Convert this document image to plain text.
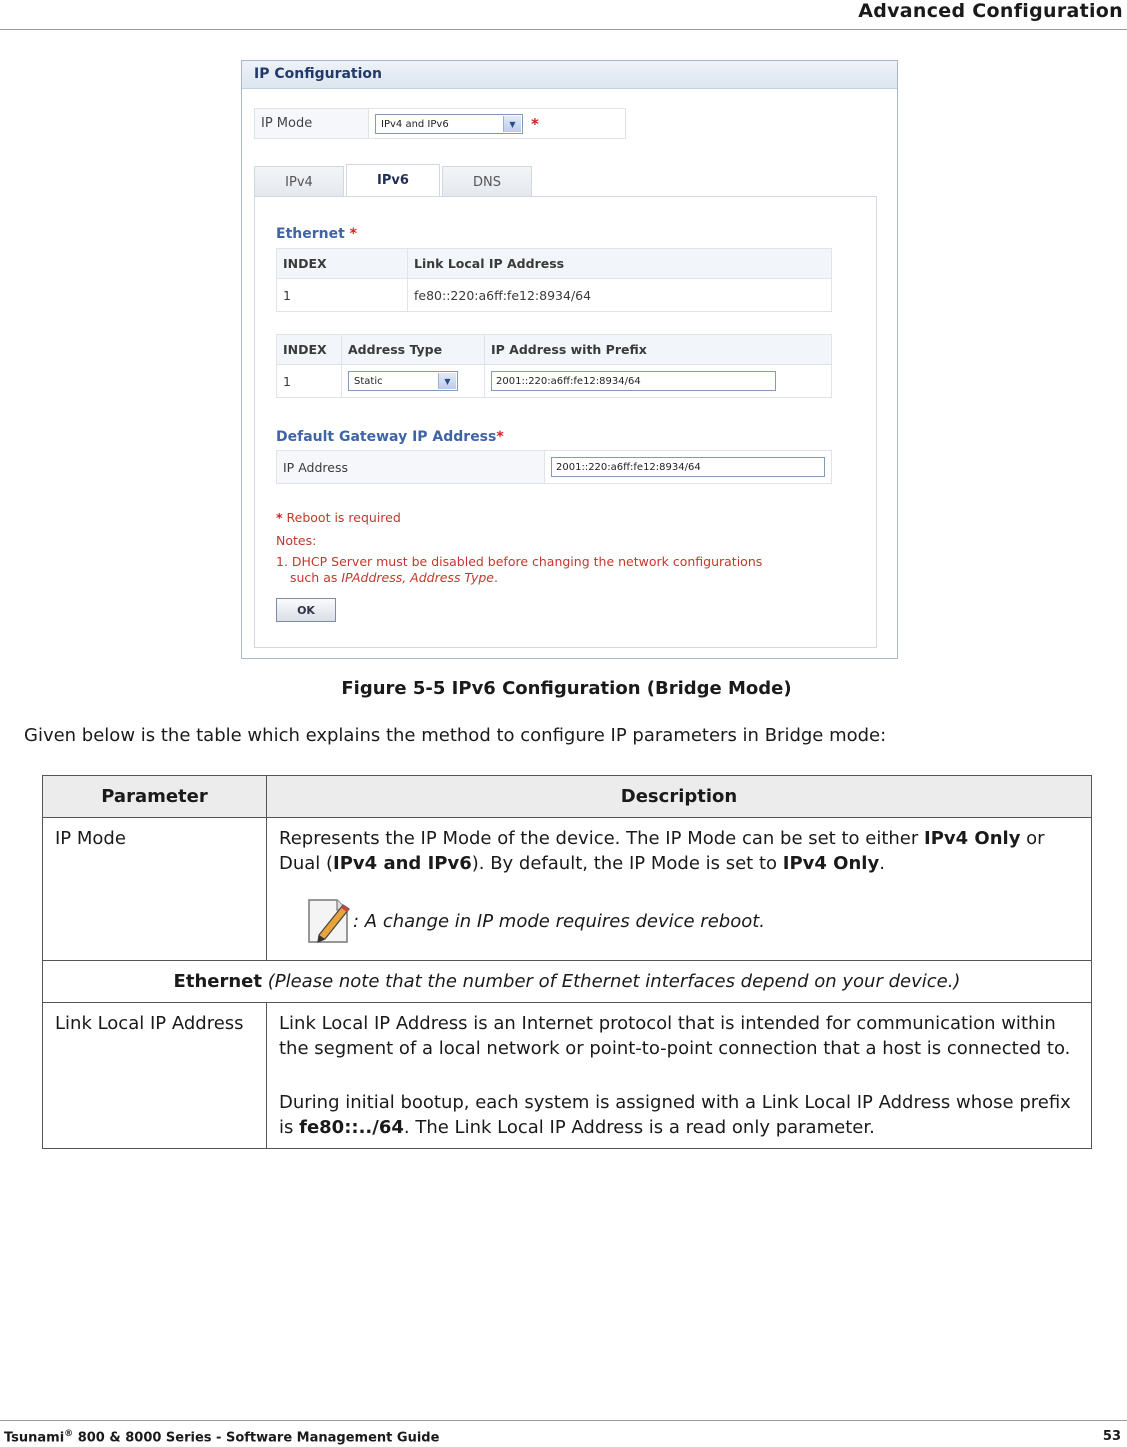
Advanced Configuration
IP Configuration
IP Mode	IPv4 and IPv6	▼	*
IPv4	IPv6	DNS
Ethernet *
INDEX	Link Local IP Address
1	fe80::220:a6ff:fe12:8934/64
INDEX	Address Type	IP Address with Prefix
1	Static ▼	2001::220:a6ff:fe12:8934/64
Default Gateway IP Address*
IP Address	2001::220:a6ff:fe12:8934/64
* Reboot is required
Notes:
1. DHCP Server must be disabled before changing the network configurations
such as IPAddress, Address Type.
OK
Figure 5-5 IPv6 Configuration (Bridge Mode)
Given below is the table which explains the method to configure IP parameters in Bridge mode:
Parameter	Description
IP Mode	Represents the IP Mode of the device. The IP Mode can be set to either IPv4 Only or Dual (IPv4 and IPv6). By default, the IP Mode is set to IPv4 Only.
: A change in IP mode requires device reboot.

Ethernet (Please note that the number of Ethernet interfaces depend on your device.)	
Link Local IP Address	Link Local IP Address is an Internet protocol that is intended for communication within the segment of a local network or point-to-point connection that a host is connected to.

During initial bootup, each system is assigned with a Link Local IP Address whose prefix is fe80::../64. The Link Local IP Address is a read only parameter.

Tsunami® 800 & 8000 Series - Software Management Guide	53
